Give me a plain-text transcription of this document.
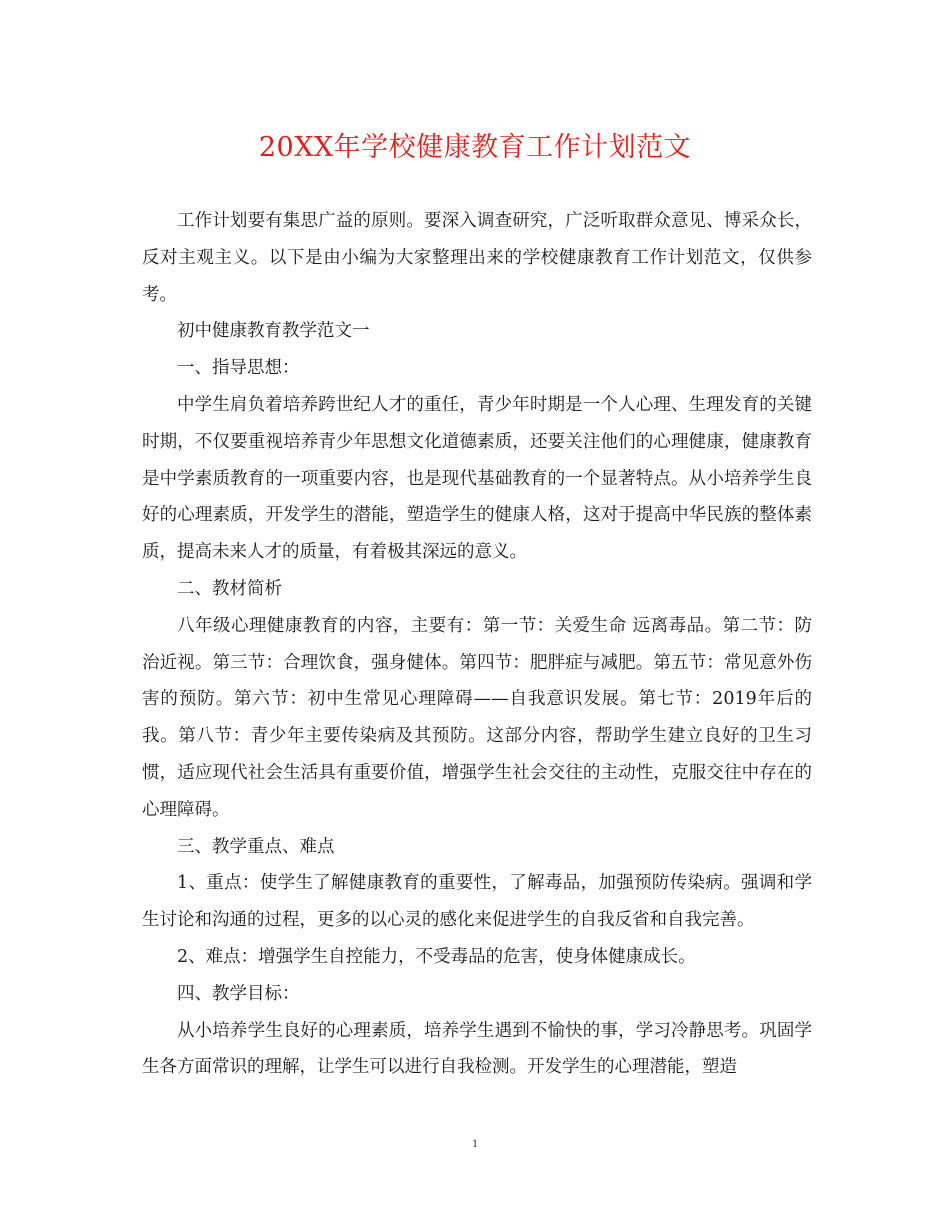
20XX年学校健康教育工作计划范文

工作计划要有集思广益的原则。要深入调查研究，广泛听取群众意见、博采众长，反对主观主义。以下是由小编为大家整理出来的学校健康教育工作计划范文，仅供参考。

初中健康教育教学范文一

一、指导思想：

中学生肩负着培养跨世纪人才的重任，青少年时期是一个人心理、生理发育的关键时期，不仅要重视培养青少年思想文化道德素质，还要关注他们的心理健康，健康教育是中学素质教育的一项重要内容，也是现代基础教育的一个显著特点。从小培养学生良好的心理素质，开发学生的潜能，塑造学生的健康人格，这对于提高中华民族的整体素质，提高未来人才的质量，有着极其深远的意义。

二、教材简析

八年级心理健康教育的内容，主要有：第一节：关爱生命 远离毒品。第二节：防治近视。第三节：合理饮食，强身健体。第四节：肥胖症与减肥。第五节：常见意外伤害的预防。第六节：初中生常见心理障碍——自我意识发展。第七节：2019年后的我。第八节：青少年主要传染病及其预防。这部分内容，帮助学生建立良好的卫生习惯，适应现代社会生活具有重要价值，增强学生社会交往的主动性，克服交往中存在的心理障碍。

三、教学重点、难点

1、重点：使学生了解健康教育的重要性，了解毒品，加强预防传染病。强调和学生讨论和沟通的过程，更多的以心灵的感化来促进学生的自我反省和自我完善。

2、难点：增强学生自控能力，不受毒品的危害，使身体健康成长。

四、教学目标：

从小培养学生良好的心理素质，培养学生遇到不愉快的事，学习冷静思考。巩固学生各方面常识的理解，让学生可以进行自我检测。开发学生的心理潜能，塑造

1
